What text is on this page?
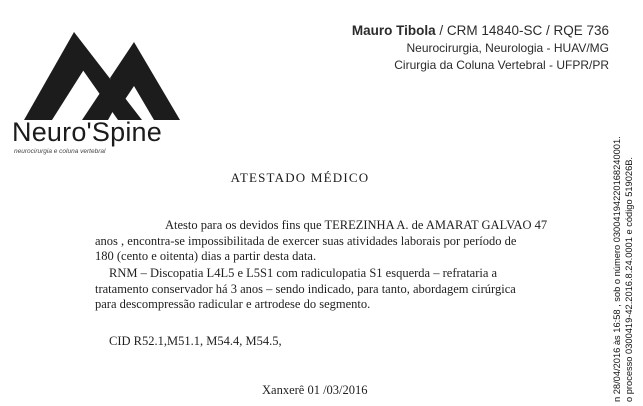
Neuro'Spine
neurocirurgia e coluna vertebral
Mauro Tibola / CRM 14840-SC / RQE 736
Neurocirurgia, Neurologia - HUAV/MG
Cirurgia da Coluna Vertebral - UFPR/PR
n 28/04/2016 às 16:58 , sob o número 03004194220168240001. o processo 0300419-42.2016.8.24.0001 e código 519026B.
ATESTADO MÉDICO
Atesto para os devidos fins que TEREZINHA A. de AMARAT GALVAO 47
anos , encontra-se impossibilitada de exercer suas atividades laborais por período de
180 (cento e oitenta) dias a partir desta data.
RNM – Discopatia L4L5 e L5S1 com radiculopatia S1 esquerda – refrataria a
tratamento conservador há 3 anos – sendo indicado, para tanto, abordagem cirúrgica
para descompressão radicular e artrodese do segmento.
CID R52.1,M51.1, M54.4, M54.5,
Xanxerê 01 /03/2016
